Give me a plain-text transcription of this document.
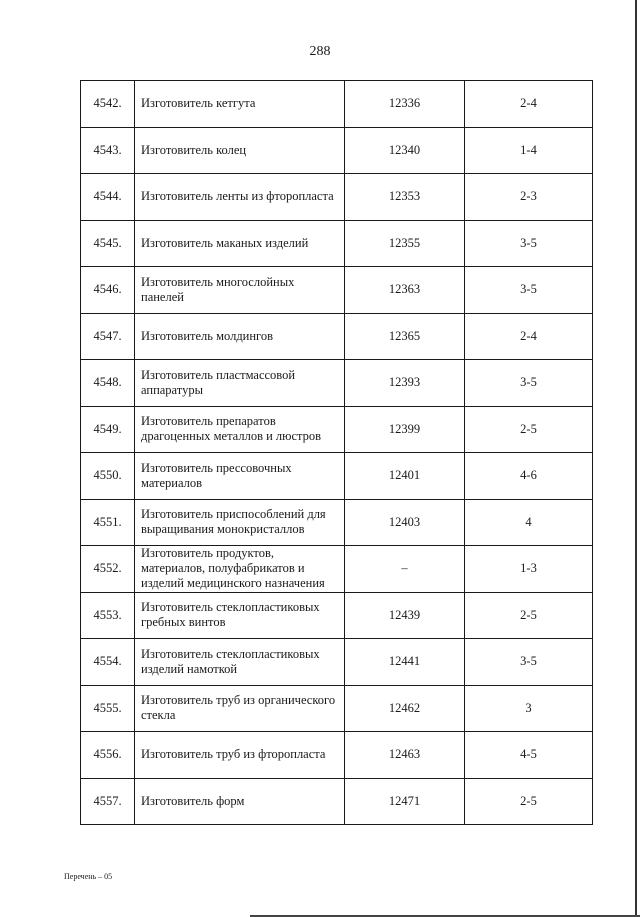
288
4542.	Изготовитель кетгута	12336	2-4
4543.	Изготовитель колец	12340	1-4
4544.	Изготовитель ленты из фторопласта	12353	2-3
4545.	Изготовитель маканых изделий	12355	3-5
4546.	Изготовитель многослойных панелей	12363	3-5
4547.	Изготовитель молдингов	12365	2-4
4548.	Изготовитель пластмассовой аппаратуры	12393	3-5
4549.	Изготовитель препаратов драгоценных металлов и люстров	12399	2-5
4550.	Изготовитель прессовочных материалов	12401	4-6
4551.	Изготовитель приспособлений для выращивания монокристаллов	12403	4
4552.	Изготовитель продуктов, материалов, полуфабрикатов и изделий медицинского назначения	–	1-3
4553.	Изготовитель стеклопластиковых гребных винтов	12439	2-5
4554.	Изготовитель стеклопластиковых изделий намоткой	12441	3-5
4555.	Изготовитель труб из органического стекла	12462	3
4556.	Изготовитель труб из фторопласта	12463	4-5
4557.	Изготовитель форм	12471	2-5
Перечень – 05
